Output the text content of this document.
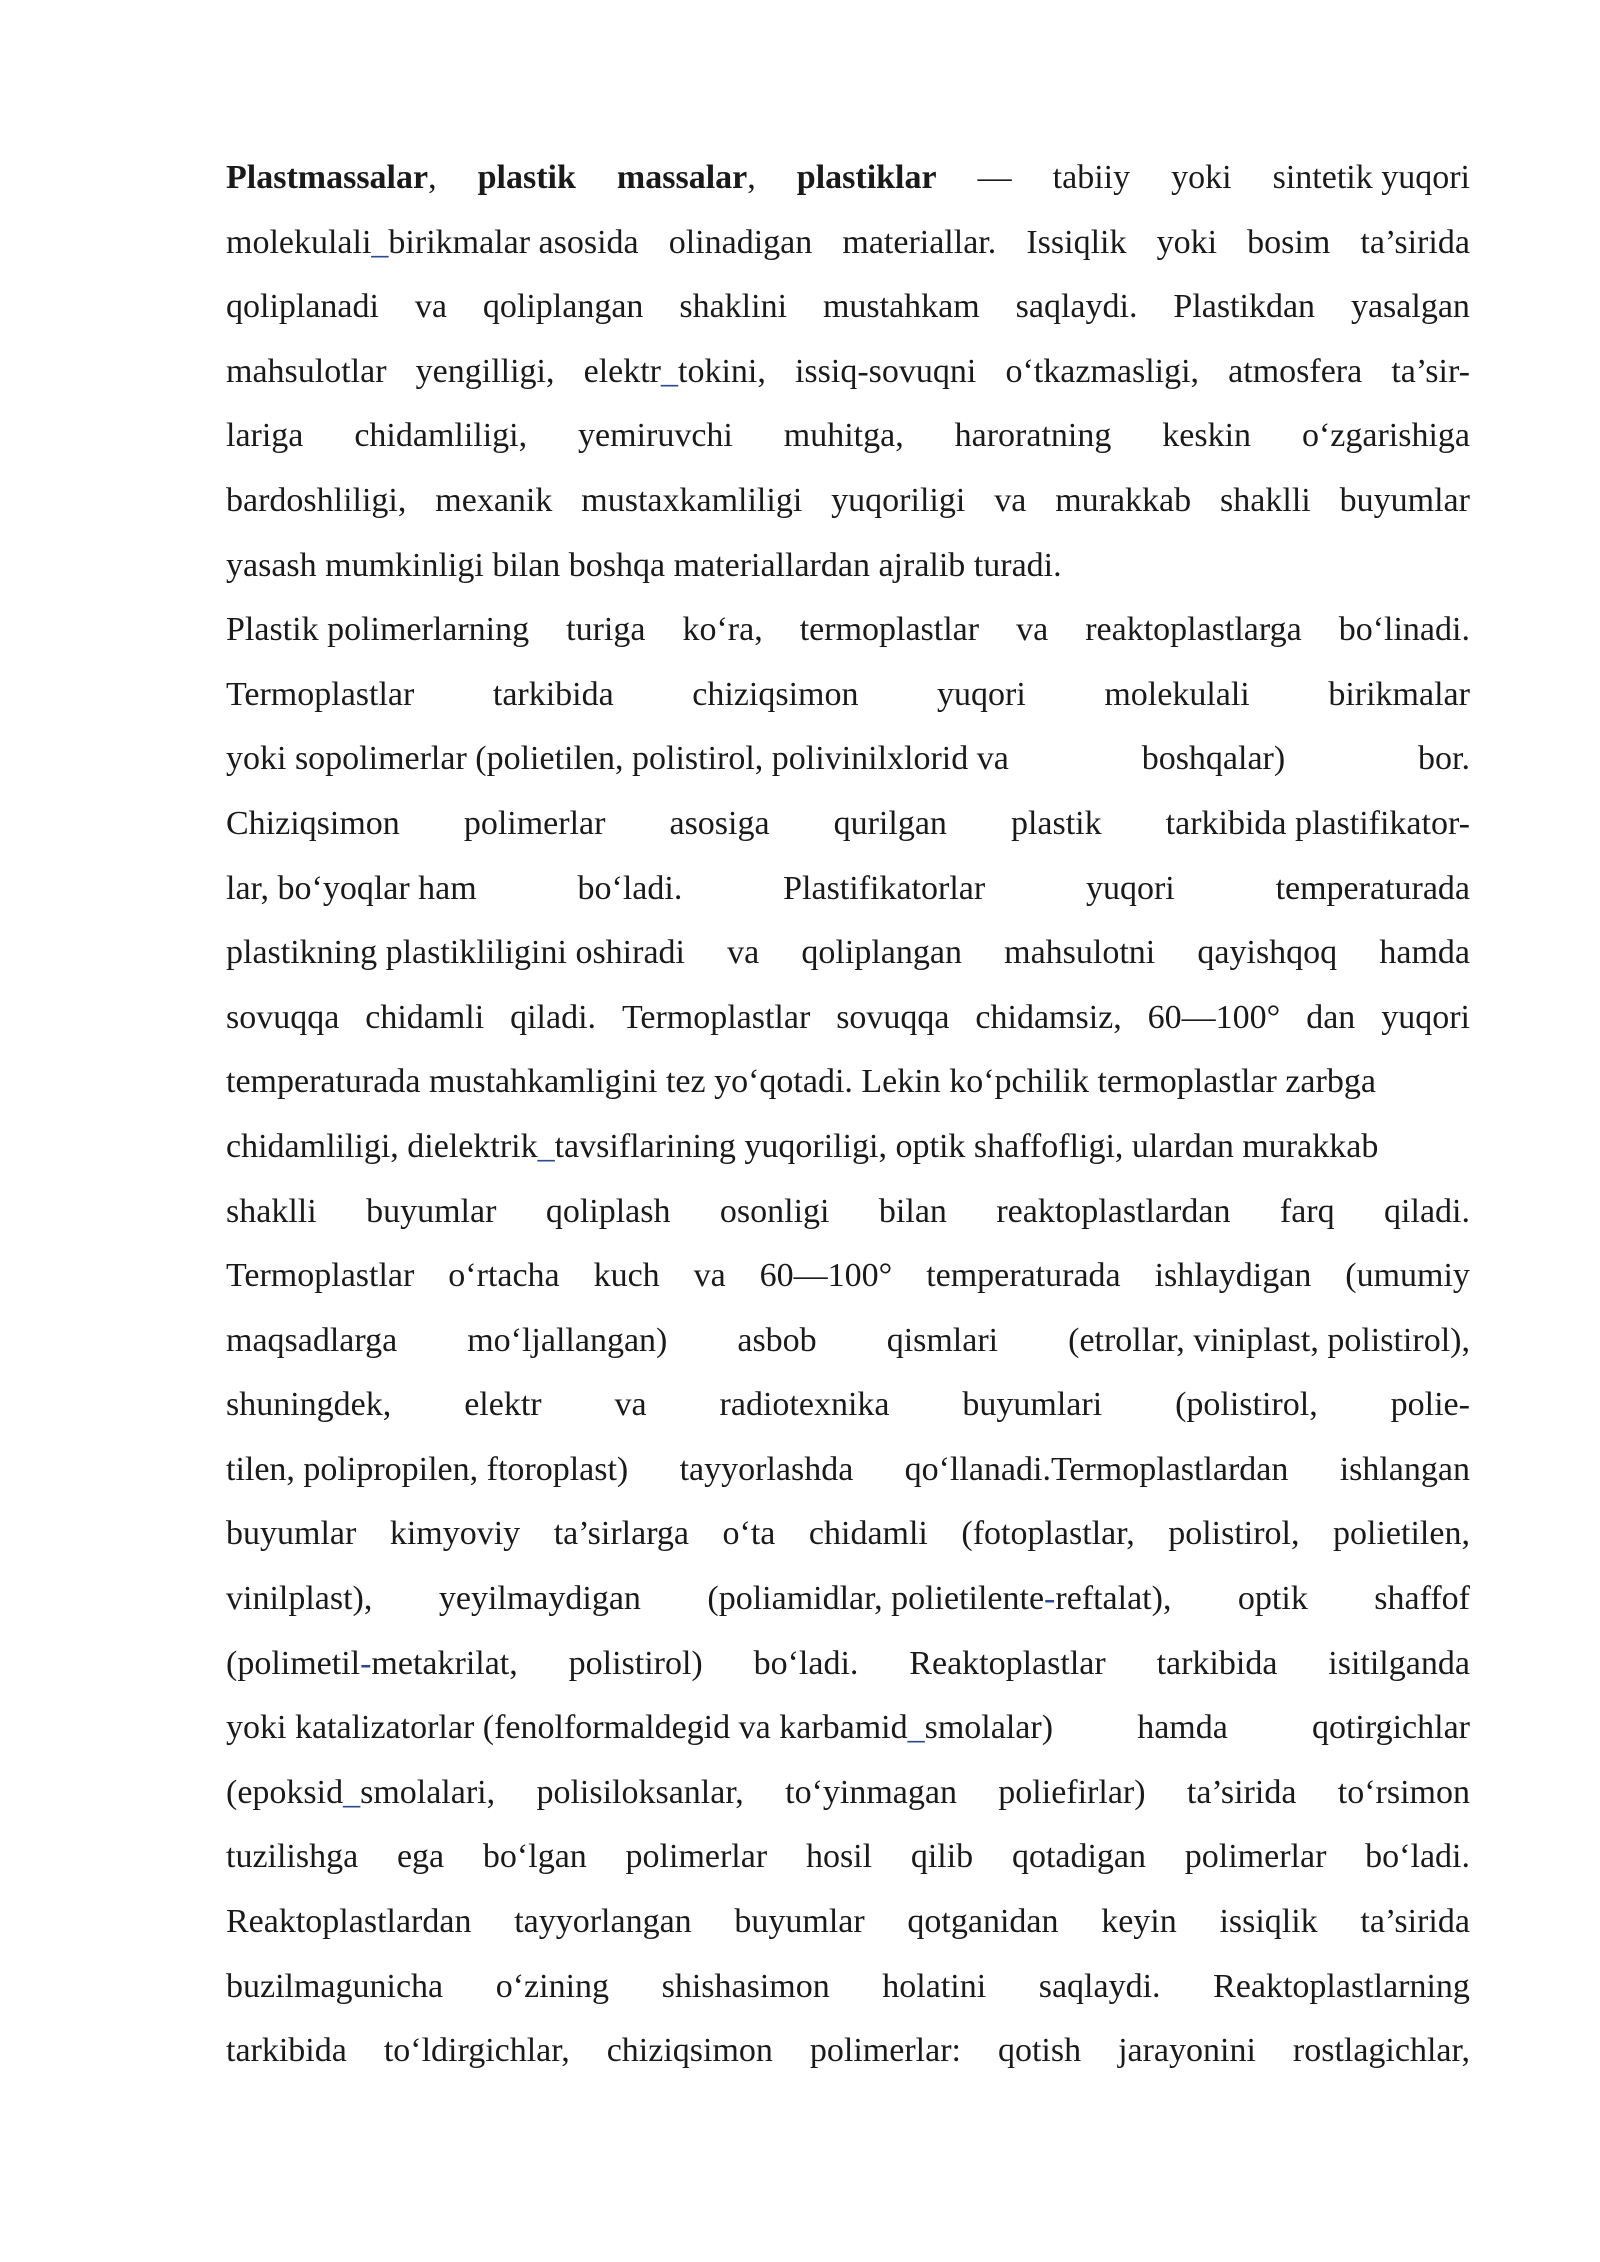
Plastmassalar, plastik massalar, plastiklar — tabiiy yoki sintetik yuqori
molekulali_birikmalar asosida olinadigan materiallar. Issiqlik yoki bosim ta’sirida
qoliplanadi va qoliplangan shaklini mustahkam saqlaydi. Plastikdan yasalgan
mahsulotlar yengilligi, elektr_tokini, issiq-sovuqni o‘tkazmasligi, atmosfera ta’sir-
lariga chidamliligi, yemiruvchi muhitga, haroratning keskin o‘zgarishiga
bardoshliligi, mexanik mustaxkamliligi yuqoriligi va murakkab shaklli buyumlar
yasash mumkinligi bilan boshqa materiallardan ajralib turadi.
Plastik polimerlarning turiga ko‘ra, termoplastlar va reaktoplastlarga bo‘linadi.
Termoplastlar tarkibida chiziqsimon yuqori molekulali birikmalar
yoki sopolimerlar (polietilen, polistirol, polivinilxlorid va	boshqalar)	bor.
Chiziqsimon polimerlar asosiga qurilgan plastik tarkibida plastifikator-
lar, bo‘yoqlar ham	bo‘ladi.	Plastifikatorlar	yuqori	temperaturada
plastikning plastikliligini oshiradi va qoliplangan mahsulotni qayishqoq hamda
sovuqqa chidamli qiladi. Termoplastlar sovuqqa chidamsiz, 60—100° dan yuqori
temperaturada mustahkamligini tez yo‘qotadi. Lekin ko‘pchilik termoplastlar zarbga
chidamliligi, dielektrik_tavsiflarining yuqoriligi, optik shaffofligi, ulardan murakkab
shaklli buyumlar qoliplash osonligi bilan reaktoplastlardan farq qiladi.
Termoplastlar o‘rtacha kuch va 60—100° temperaturada ishlaydigan (umumiy
maqsadlarga mo‘ljallangan) asbob qismlari (etrollar, viniplast, polistirol),
shuningdek, elektr va radiotexnika buyumlari (polistirol, polie-
tilen, polipropilen, ftoroplast) tayyorlashda qo‘llanadi.Termoplastlardan ishlangan
buyumlar kimyoviy ta’sirlarga o‘ta chidamli (fotoplastlar, polistirol, polietilen,
vinilplast), yeyilmaydigan (poliamidlar, polietilente-reftalat), optik shaffof
(polimetil-metakrilat, polistirol) bo‘ladi. Reaktoplastlar tarkibida isitilganda
yoki katalizatorlar (fenolformaldegid va karbamid_smolalar) hamda qotirgichlar
(epoksid_smolalari, polisiloksanlar, to‘yinmagan poliefirlar) ta’sirida to‘rsimon
tuzilishga ega bo‘lgan polimerlar hosil qilib qotadigan polimerlar bo‘ladi.
Reaktoplastlardan tayyorlangan buyumlar qotganidan keyin issiqlik ta’sirida
buzilmagunicha o‘zining shishasimon holatini saqlaydi. Reaktoplastlarning
tarkibida to‘ldirgichlar, chiziqsimon polimerlar: qotish jarayonini rostlagichlar,
